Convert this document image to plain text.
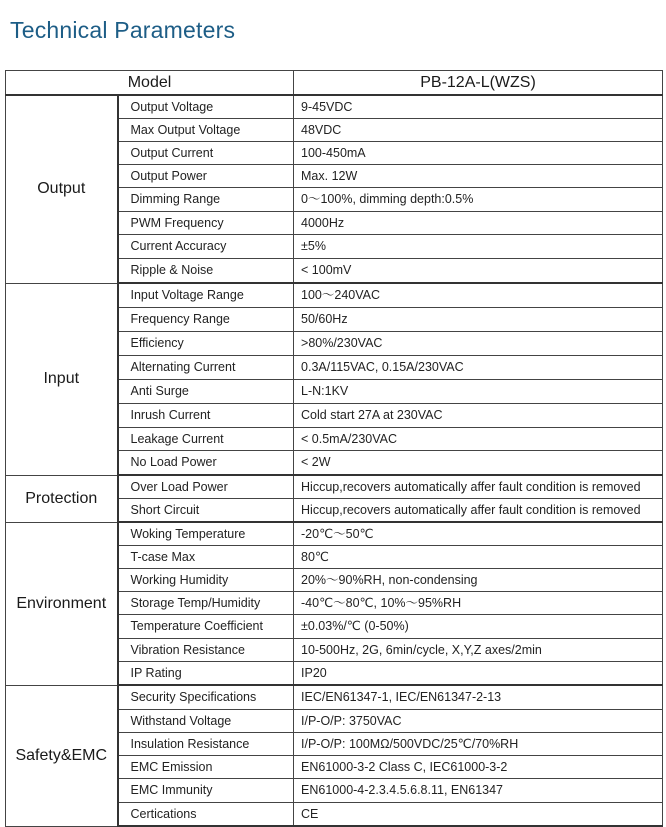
Technical Parameters
Model		PB-12A-L(WZS)
Output	Output Voltage	9-45VDC
	Max Output Voltage	48VDC
	Output Current	100-450mA
	Output Power	Max. 12W
	Dimming Range	0～100%, dimming depth:0.5%
	PWM Frequency	4000Hz
	Current Accuracy	±5%
	Ripple & Noise	< 100mV
Input	Input Voltage Range	100～240VAC
	Frequency Range	50/60Hz
	Efficiency	>80%/230VAC
	Alternating Current	0.3A/115VAC, 0.15A/230VAC
	Anti Surge	L-N:1KV
	Inrush Current	Cold start 27A at 230VAC
	Leakage Current	< 0.5mA/230VAC
	No Load Power	< 2W
Protection	Over Load Power	Hiccup,recovers automatically affer fault condition is removed
	Short Circuit	Hiccup,recovers automatically affer fault condition is removed
Environment	Woking Temperature	-20℃～50℃
	T-case Max	80℃
	Working Humidity	20%～90%RH, non-condensing
	Storage Temp/Humidity	-40℃～80℃, 10%～95%RH
	Temperature Coefficient	±0.03%/℃ (0-50%)
	Vibration Resistance	10-500Hz, 2G, 6min/cycle, X,Y,Z axes/2min
	IP Rating	IP20
Safety&EMC	Security Specifications	IEC/EN61347-1, IEC/EN61347-2-13
	Withstand Voltage	I/P-O/P: 3750VAC
	Insulation Resistance	I/P-O/P: 100MΩ/500VDC/25℃/70%RH
	EMC Emission	EN61000-3-2 Class C, IEC61000-3-2
	EMC Immunity	EN61000-4-2.3.4.5.6.8.11, EN61347
	Certications	CE
